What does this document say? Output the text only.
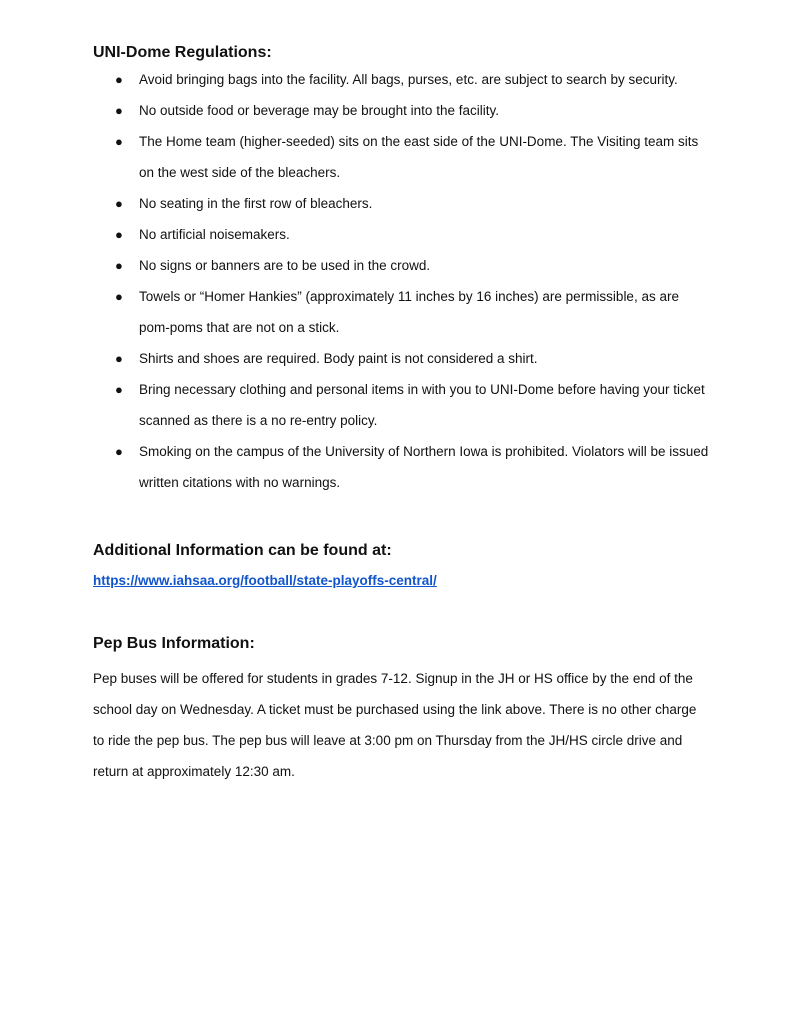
UNI-Dome Regulations:
● Avoid bringing bags into the facility. All bags, purses, etc. are subject to search by security.
● No outside food or beverage may be brought into the facility.
● The Home team (higher-seeded) sits on the east side of the UNI-Dome. The Visiting team sits on the west side of the bleachers.
● No seating in the first row of bleachers.
● No artificial noisemakers.
● No signs or banners are to be used in the crowd.
● Towels or “Homer Hankies” (approximately 11 inches by 16 inches) are permissible, as are pom-poms that are not on a stick.
● Shirts and shoes are required. Body paint is not considered a shirt.
● Bring necessary clothing and personal items in with you to UNI-Dome before having your ticket scanned as there is a no re-entry policy.
● Smoking on the campus of the University of Northern Iowa is prohibited. Violators will be issued written citations with no warnings.
Additional Information can be found at:
https://www.iahsaa.org/football/state-playoffs-central/
Pep Bus Information:

Pep buses will be offered for students in grades 7-12. Signup in the JH or HS office by the end of the school day on Wednesday. A ticket must be purchased using the link above. There is no other charge to ride the pep bus. The pep bus will leave at 3:00 pm on Thursday from the JH/HS circle drive and return at approximately 12:30 am.
